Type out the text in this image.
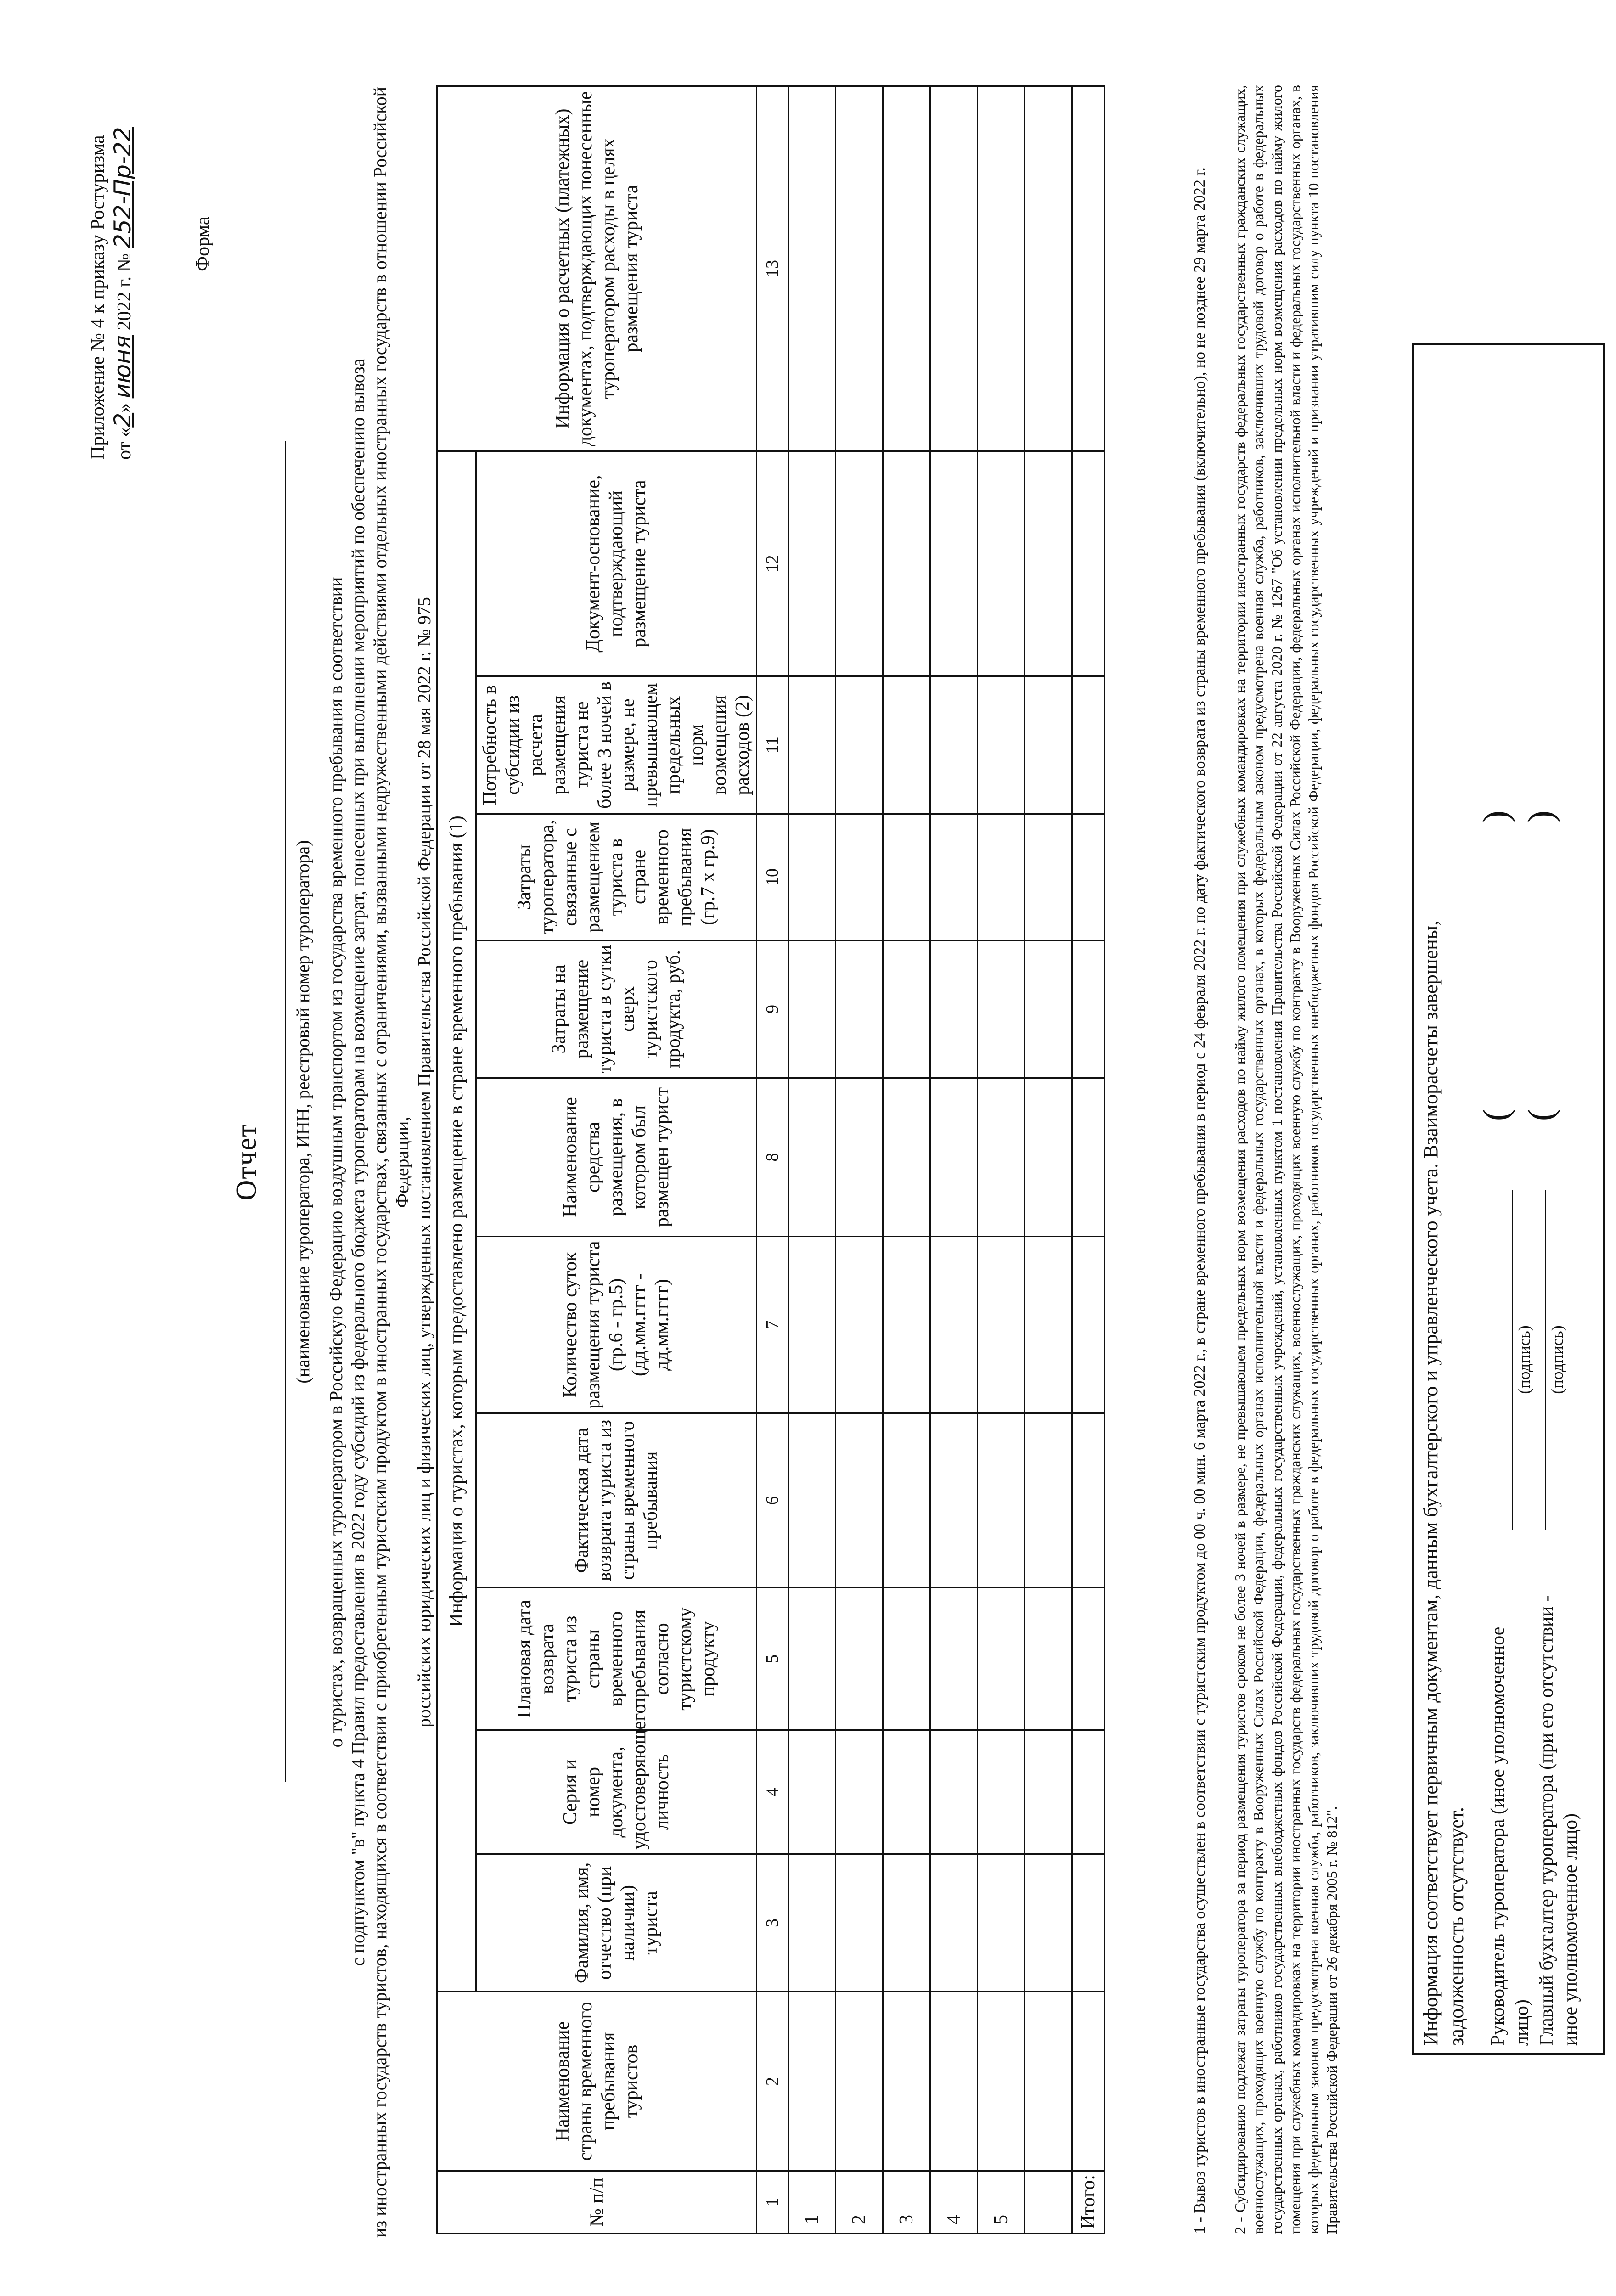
Приложение № 4 к приказу Ростуризма от «2» июня 2022 г. № 252-Пр-22	Форма
Отчет (наименование туроператора, ИНН, реестровый номер туроператора) о туристах, возвращенных туроператором в Российскую Федерацию воздушным транспортом из государства временного пребывания в соответствии с подпунктом "в" пункта 4 Правил предоставления в 2022 году субсидий из федерального бюджета туроператорам на возмещение затрат, понесенных при выполнении мероприятий по обеспечению вывоза из иностранных государств туристов, находящихся в соответствии с приобретенным туристским продуктом в иностранных государствах, связанных с ограничениями, вызванными недружественными действиями отдельных иностранных государств в отношении Российской Федерации, российских юридических лиц и физических лиц, утвержденных постановлением Правительства Российской Федерации от 28 мая 2022 г. № 975

№ п/п	Наименование страны временного пребывания туристов	Информация о туристах, которым предоставлено размещение в стране временного пребывания (1)										Информация о расчетных (платежных) документах, подтверждающих понесенные туроператором расходы в целях размещения туриста
		Фамилия, имя, отчество (при наличии) туриста	Серия и номер документа, удостоверяющего личность	Плановая дата возврата туриста из страны временного пребывания согласно туристскому продукту	Фактическая дата возврата туриста из страны временного пребывания	Количество суток размещения туриста (гр.6 - гр.5) (дд.мм.гггг - дд.мм.гггг)	Наименование средства размещения, в котором был размещен турист	Затраты на размещение туриста в сутки сверх туристского продукта, руб.	Затраты туроператора, связанные с размещением туриста в стране временного пребывания (гр.7 x гр.9)	Потребность в субсидии из расчета размещения туриста не более 3 ночей в размере, не превышающем предельных норм возмещения расходов (2)	Документ-основание, подтверждающий размещение туриста	
1	2	3	4	5	6	7	8	9	10	11	12	13
1												
2												
3												
4												
5												

Итого:													1 - Вывоз туристов в иностранные государства осуществлен в соответствии с туристским продуктом до 00 ч. 00 мин. 6 марта 2022 г., в стране временного пребывания в период с 24 февраля 2022 г. по дату фактического возврата из страны временного пребывания (включительно), но не позднее 29 марта 2022 г. 2 - Субсидированию подлежат затраты туроператора за период размещения туристов сроком не более 3 ночей в размере, не превышающем предельных норм возмещения расходов по найму жилого помещения при служебных командировках на территории иностранных государств федеральных государственных гражданских служащих, военнослужащих, проходящих военную службу по контракту в Вооруженных Силах Российской Федерации, федеральных органах исполнительной власти и федеральных государственных органах, в которых федеральным законом предусмотрена военная служба, работников, заключивших трудовой договор о работе в федеральных государственных органах, работников государственных внебюджетных фондов Российской Федерации, федеральных государственных учреждений, установленных пунктом 1 постановления Правительства Российской Федерации от 22 августа 2020 г. № 1267 "Об установлении предельных норм возмещения расходов по найму жилого помещения при служебных командировках на территории иностранных государств федеральных государственных гражданских служащих, военнослужащих, проходящих военную службу по контракту в Вооруженных Силах Российской Федерации, федеральных органах исполнительной власти и федеральных государственных органах, в которых федеральным законом предусмотрена военная служба, работников, заключивших трудовой договор о работе в федеральных государственных органах, работников государственных внебюджетных фондов Российской Федерации, федеральных государственных учреждений и признании утратившим силу пункта 10 постановления Правительства Российской Федерации от 26 декабря 2005 г. № 812".	Информация соответствует первичным документам, данным бухгалтерского и управленческого учета. Взаиморасчеты завершены, задолженность отсутствует. Руководитель туроператора (иное уполномоченное лицо)
(подпись)
(
)
Главный бухгалтер туроператора (при его отсутствии - иное уполномоченное лицо)
(подпись)
(
)
